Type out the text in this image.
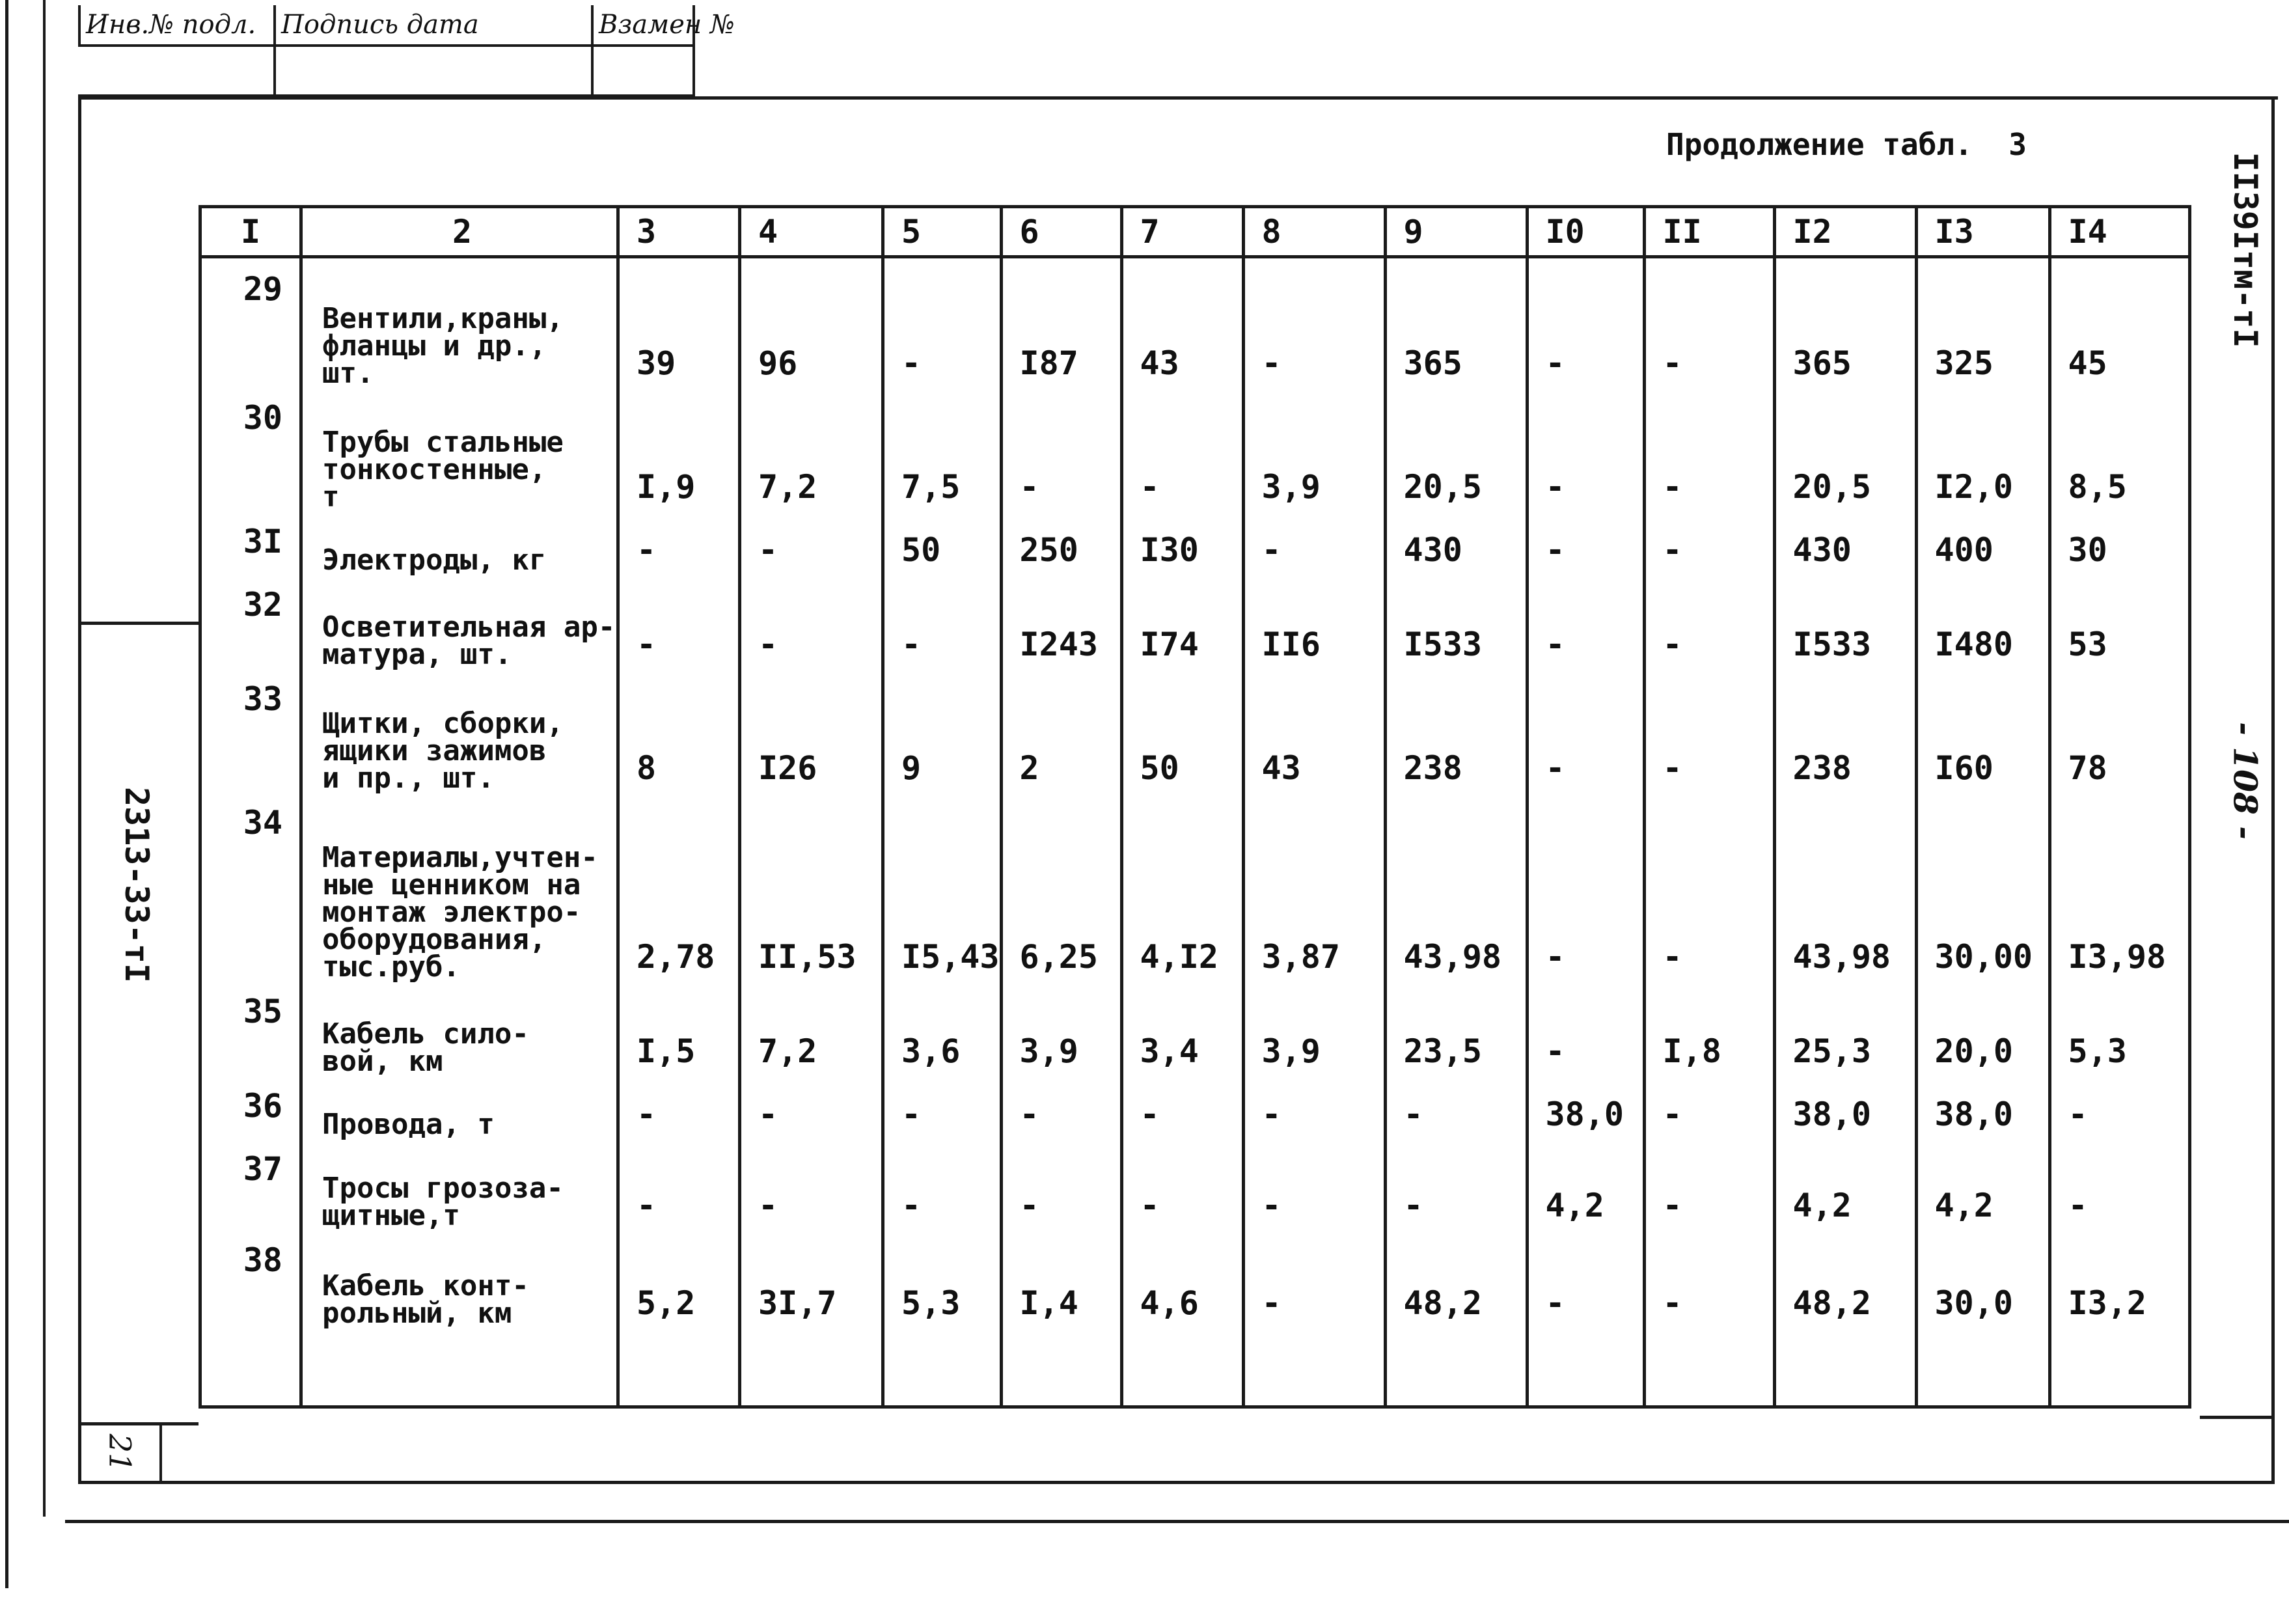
Инв.№ подл. Подпись дата	Взамен №
2313-33-тI
21
II39Iтм-тI
- 108 -
Продолжение табл.  3
I	2	3	4	5	6	7	8	9	I0	II	I2	I3	I4
29	Вентили,краны,
фланцы и др.,
шт.	39	96	-	I87	43	-	365	-	-	365	325	45
30	Трубы стальные
тонкостенные,
т	I,9	7,2	7,5	-	-	3,9	20,5	-	-	20,5	I2,0	8,5
3I	Электроды, кг	-	-	50	250	I30	-	430	-	-	430	400	30
32	Осветительная ар-
матура, шт.	-	-	-	I243	I74	II6	I533	-	-	I533	I480	53
33	Щитки, сборки,
ящики зажимов
и пр., шт.	8	I26	9	2	50	43	238	-	-	238	I60	78
34	Материалы,учтен-
ные ценником на
монтаж электро-
оборудования,
тыс.руб.	2,78	II,53	I5,43	6,25	4,I2	3,87	43,98	-	-	43,98	30,00	I3,98
35	Кабель сило-
вой, км	I,5	7,2	3,6	3,9	3,4	3,9	23,5	-	I,8	25,3	20,0	5,3
36	Провода, т	-	-	-	-	-	-	-	38,0	-	38,0	38,0	-
37	Тросы грозоза-
щитные,т	-	-	-	-	-	-	-	4,2	-	4,2	4,2	-
38	Кабель конт-
рольный, км	5,2	3I,7	5,3	I,4	4,6	-	48,2	-	-	48,2	30,0	I3,2
